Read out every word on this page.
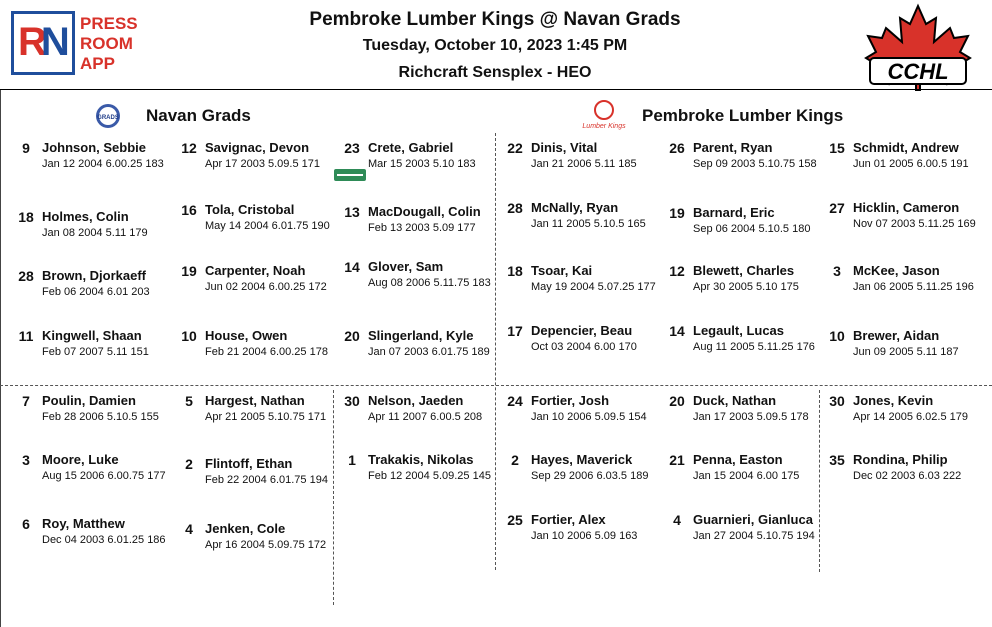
RN PRESS
ROOM
APP
Pembroke Lumber Kings @ Navan Grads
Tuesday, October 10, 2023 1:45 PM
Richcraft Sensplex - HEO	CCHL
GRADS Navan Grads
Lumber Kings
Pembroke Lumber Kings
9 Johnson, Sebbie
Jan 12 2004 6.00.25 183
12 Savignac, Devon
Apr 17 2003 5.09.5 171
23 Crete, Gabriel
Mar 15 2003 5.10 183
18 Holmes, Colin
Jan 08 2004 5.11 179
16 Tola, Cristobal
May 14 2004 6.01.75 190
13 MacDougall, Colin
Feb 13 2003 5.09 177
28 Brown, Djorkaeff
Feb 06 2004 6.01 203
19 Carpenter, Noah
Jun 02 2004 6.00.25 172
14 Glover, Sam
Aug 08 2006 5.11.75 183
11 Kingwell, Shaan
Feb 07 2007 5.11 151
10 House, Owen
Feb 21 2004 6.00.25 178
20 Slingerland, Kyle
Jan 07 2003 6.01.75 189
7 Poulin, Damien
Feb 28 2006 5.10.5 155
5 Hargest, Nathan
Apr 21 2005 5.10.75 171
30 Nelson, Jaeden
Apr 11 2007 6.00.5 208
3 Moore, Luke
Aug 15 2006 6.00.75 177
2 Flintoff, Ethan
Feb 22 2004 6.01.75 194
1 Trakakis, Nikolas
Feb 12 2004 5.09.25 145
6 Roy, Matthew
Dec 04 2003 6.01.25 186
4 Jenken, Cole
Apr 16 2004 5.09.75 172
22 Dinis, Vital
Jan 21 2006 5.11 185
26 Parent, Ryan
Sep 09 2003 5.10.75 158
15 Schmidt, Andrew
Jun 01 2005 6.00.5 191
28 McNally, Ryan
Jan 11 2005 5.10.5 165
19 Barnard, Eric
Sep 06 2004 5.10.5 180
27 Hicklin, Cameron
Nov 07 2003 5.11.25 169
18 Tsoar, Kai
May 19 2004 5.07.25 177
12 Blewett, Charles
Apr 30 2005 5.10 175
3 McKee, Jason
Jan 06 2005 5.11.25 196
17 Depencier, Beau
Oct 03 2004 6.00 170
14 Legault, Lucas
Aug 11 2005 5.11.25 176
10 Brewer, Aidan
Jun 09 2005 5.11 187
24 Fortier, Josh
Jan 10 2006 5.09.5 154
20 Duck, Nathan
Jan 17 2003 5.09.5 178
30 Jones, Kevin
Apr 14 2005 6.02.5 179
2 Hayes, Maverick
Sep 29 2006 6.03.5 189
21 Penna, Easton
Jan 15 2004 6.00 175
35 Rondina, Philip
Dec 02 2003 6.03 222
25 Fortier, Alex
Jan 10 2006 5.09 163
4 Guarnieri, Gianluca
Jan 27 2004 5.10.75 194
